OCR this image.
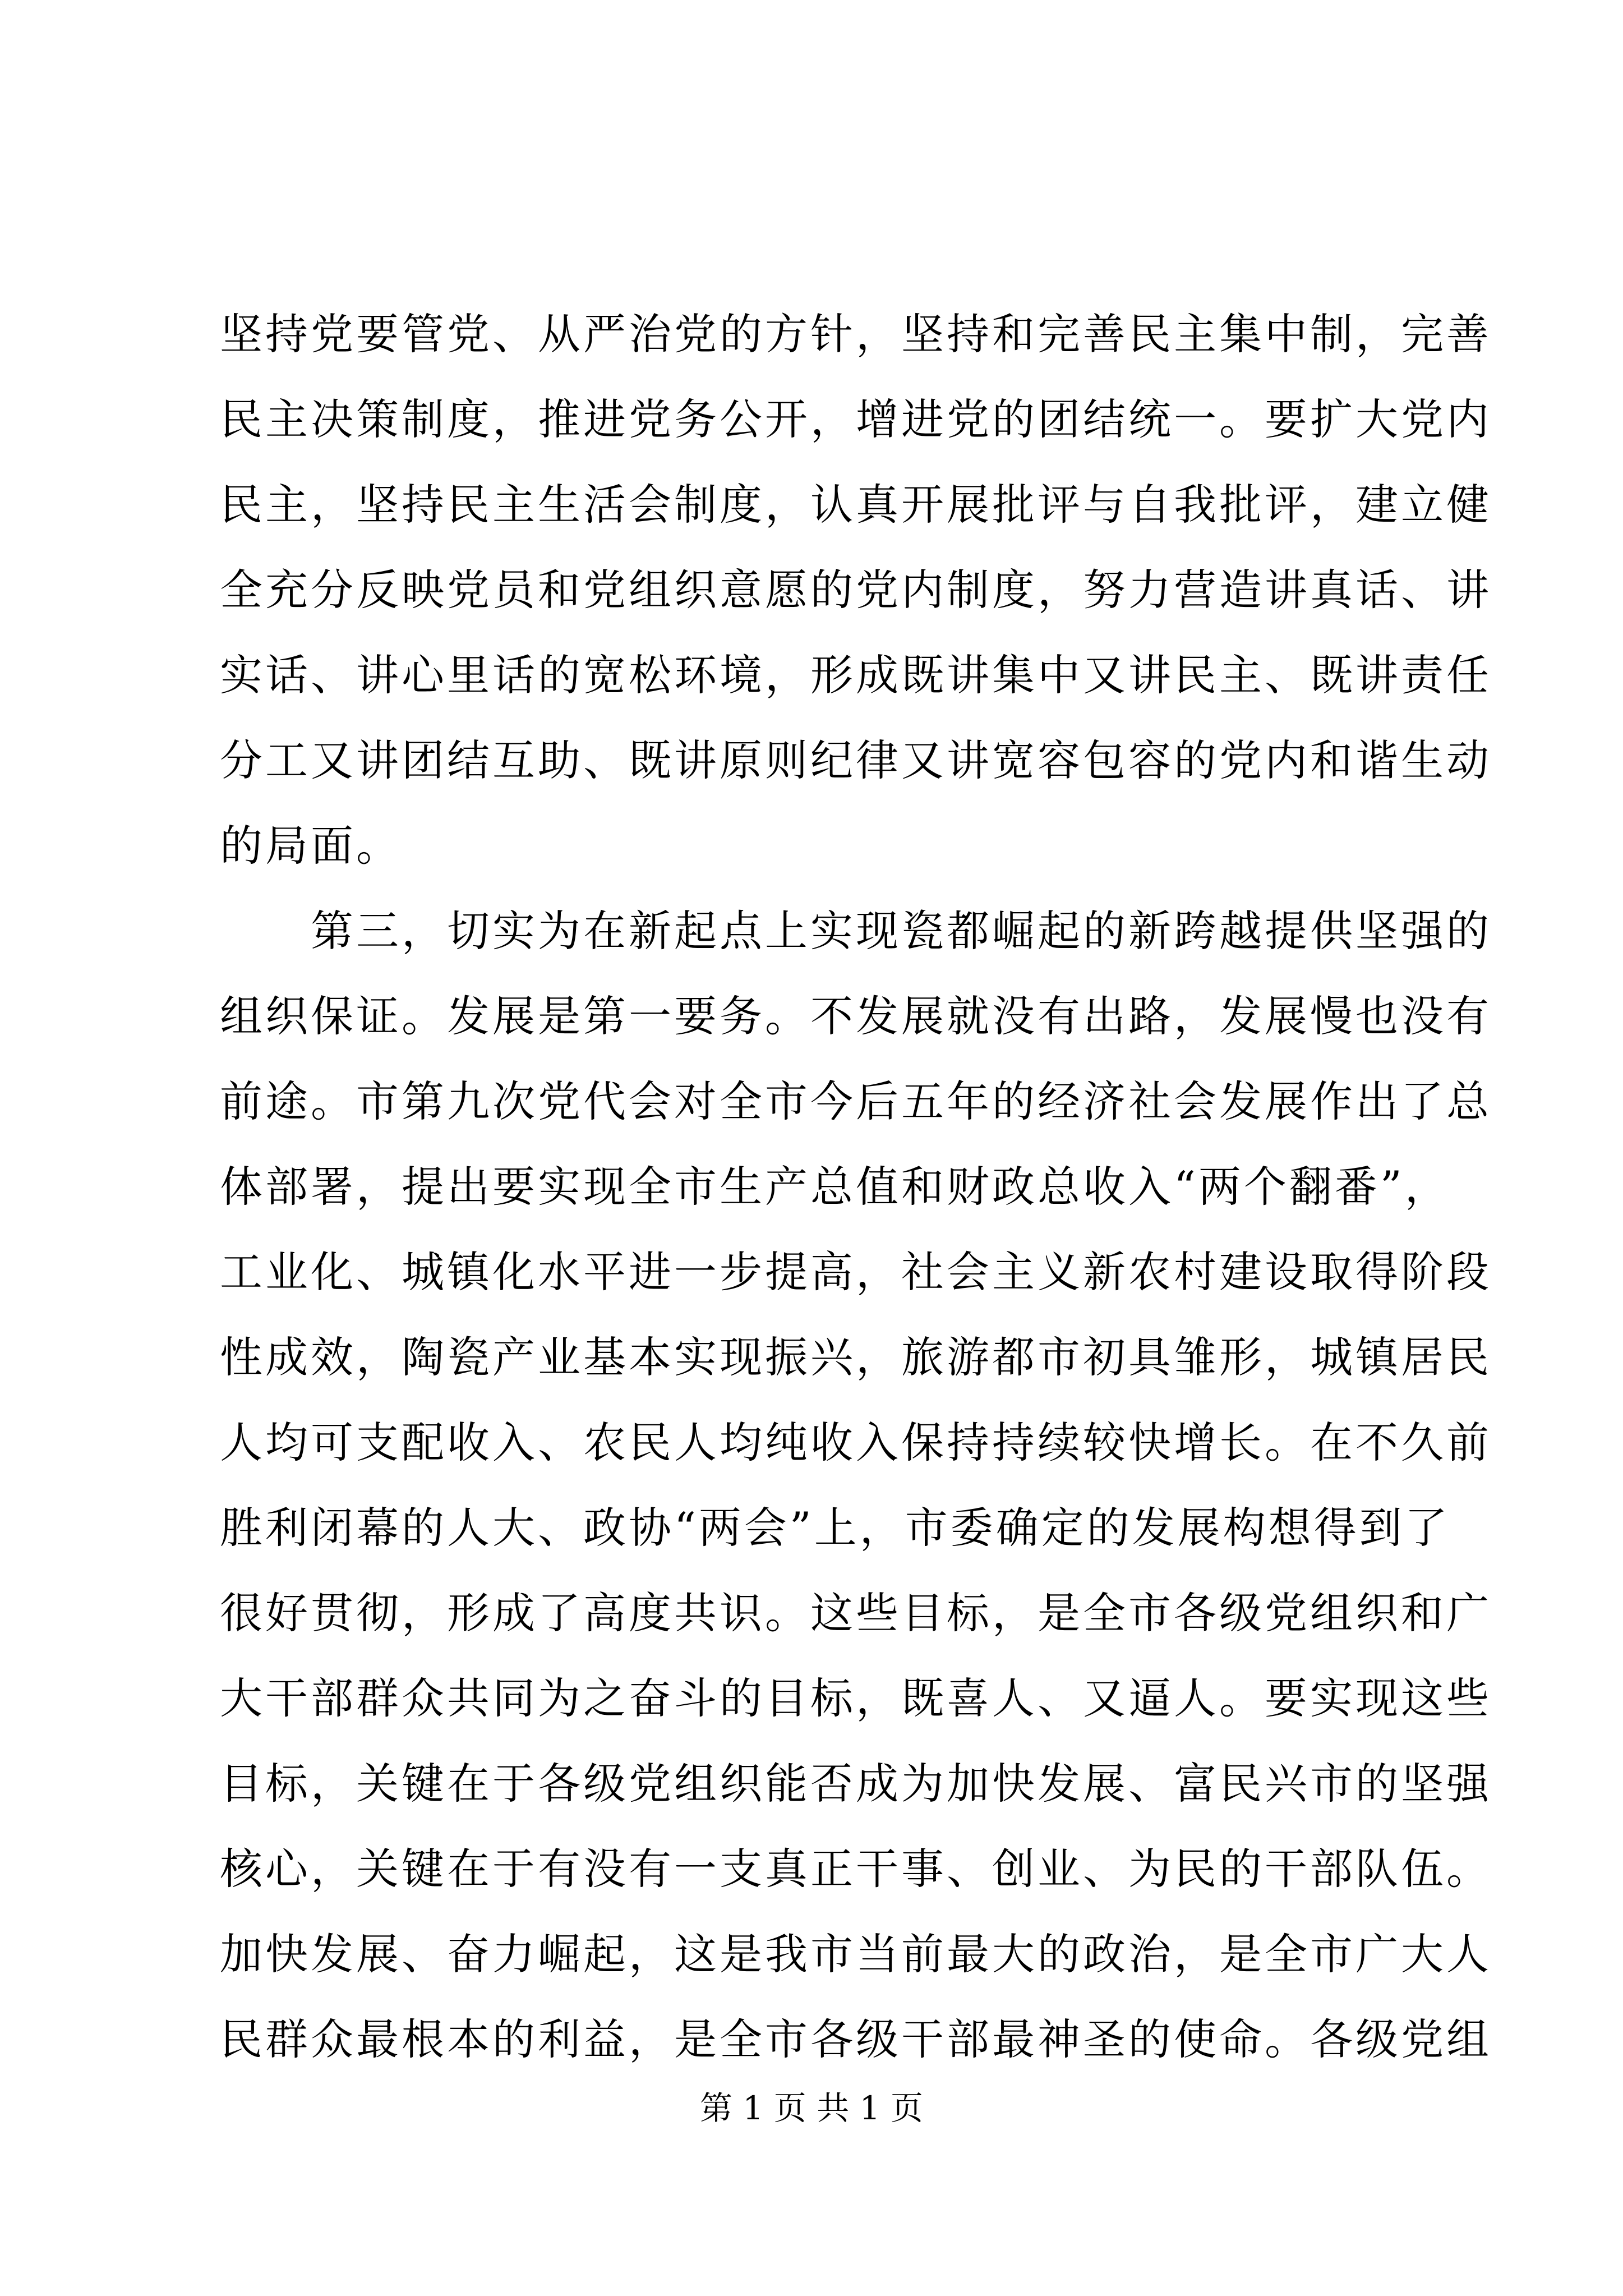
坚持党要管党、从严治党的方针，坚持和完善民主集中制，完善
民主决策制度，推进党务公开，增进党的团结统一。要扩大党内
民主，坚持民主生活会制度，认真开展批评与自我批评，建立健
全充分反映党员和党组织意愿的党内制度，努力营造讲真话、讲
实话、讲心里话的宽松环境，形成既讲集中又讲民主、既讲责任
分工又讲团结互助、既讲原则纪律又讲宽容包容的党内和谐生动
的局面。
　　第三，切实为在新起点上实现瓷都崛起的新跨越提供坚强的
组织保证。发展是第一要务。不发展就没有出路，发展慢也没有
前途。市第九次党代会对全市今后五年的经济社会发展作出了总
体部署，提出要实现全市生产总值和财政总收入“两个翻番”，
工业化、城镇化水平进一步提高，社会主义新农村建设取得阶段
性成效，陶瓷产业基本实现振兴，旅游都市初具雏形，城镇居民
人均可支配收入、农民人均纯收入保持持续较快增长。在不久前
胜利闭幕的人大、政协“两会”上，市委确定的发展构想得到了
很好贯彻，形成了高度共识。这些目标，是全市各级党组织和广
大干部群众共同为之奋斗的目标，既喜人、又逼人。要实现这些
目标，关键在于各级党组织能否成为加快发展、富民兴市的坚强
核心，关键在于有没有一支真正干事、创业、为民的干部队伍。
加快发展、奋力崛起，这是我市当前最大的政治，是全市广大人
民群众最根本的利益，是全市各级干部最神圣的使命。各级党组
第 1 页 共 1 页
